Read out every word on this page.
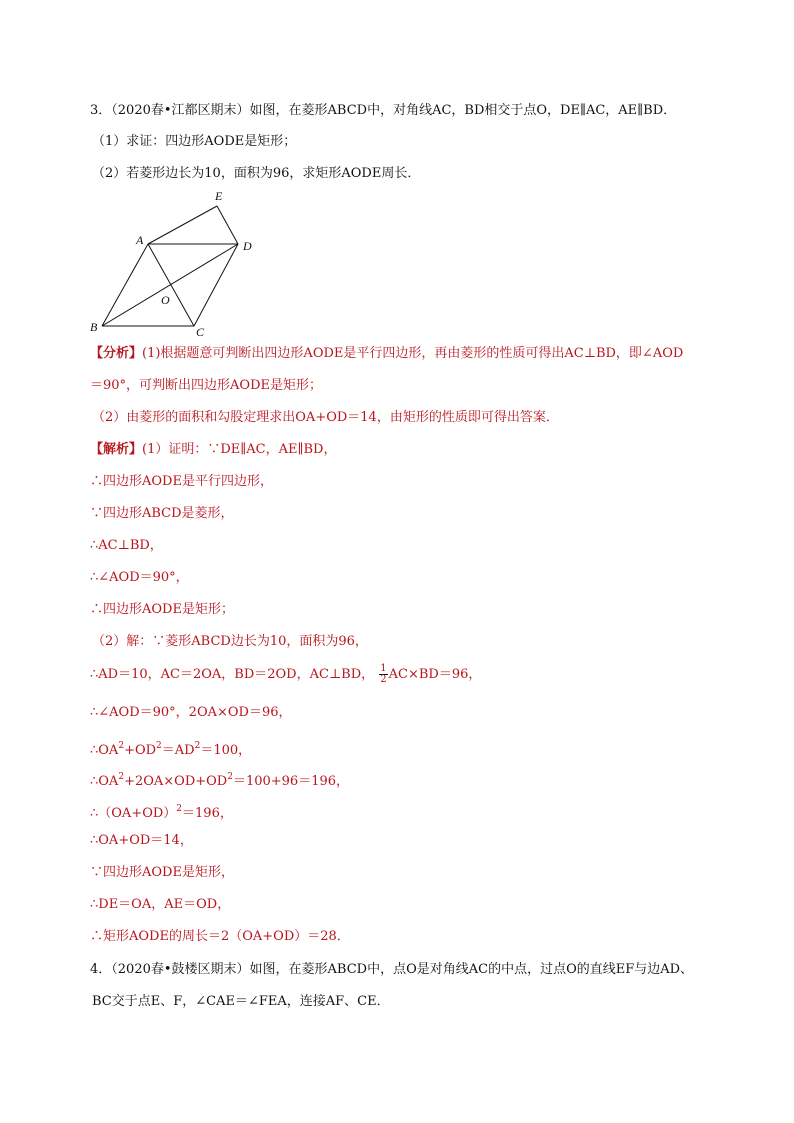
3．（2020春•江都区期末）如图，在菱形ABCD中，对角线AC，BD相交于点O，DE∥AC，AE∥BD．
（1）求证：四边形AODE是矩形；
（2）若菱形边长为10，面积为96，求矩形AODE周长．
E
A	D
O
B	C
【分析】(1)根据题意可判断出四边形AODE是平行四边形，再由菱形的性质可得出AC⊥BD，即∠AOD
＝90°，可判断出四边形AODE是矩形；
（2）由菱形的面积和勾股定理求出OA+OD＝14，由矩形的性质即可得出答案．
【解析】(1）证明：∵DE∥AC，AE∥BD，
∴四边形AODE是平行四边形，
∵四边形ABCD是菱形，
∴AC⊥BD，
∴∠AOD＝90°，
∴四边形AODE是矩形；
（2）解：∵菱形ABCD边长为10，面积为96，
∴AD＝10，AC＝2OA，BD＝2OD，AC⊥BD， $\frac{1}{2} AC\times BD=96$，
∴∠AOD＝90°，2OA×OD＝96，
$\therefore OA^2+OD^2=AD^2=100$，
$\therefore OA^2+2OA\times OD+OD^2=100+96=196$，
$\therefore(OA+OD)^2=196$，
∴OA+OD＝14，
∵四边形AODE是矩形，
∴DE＝OA，AE＝OD，
∴矩形AODE的周长＝2（OA+OD）＝28．
4．（2020春•鼓楼区期末）如图，在菱形ABCD中，点O是对角线AC的中点，过点O的直线EF与边AD、
BC交于点E、F，∠CAE＝∠FEA，连接AF、CE．
